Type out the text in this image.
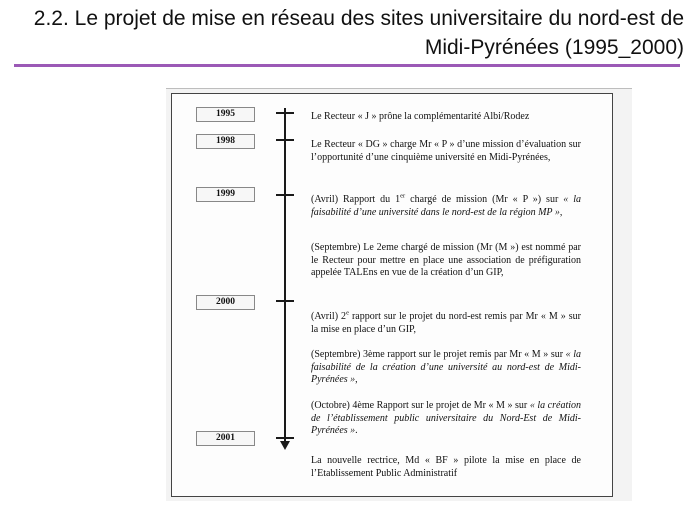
2.2. Le projet de mise en réseau des sites universitaire du nord-est de Midi-Pyrénées (1995_2000)
1995
1998
1999
2000
2001

Le Recteur « J » prône la complémentarité Albi/Rodez

Le Recteur « DG » charge Mr « P » d’une mission d’évaluation sur l’opportunité d’une cinquième université en Midi-Pyrénées,

(Avril) Rapport du 1er chargé de mission (Mr « P ») sur « la faisabilité d’une université dans le nord-est de la région MP »,

(Septembre) Le 2eme chargé de mission (Mr (M ») est nommé par le Recteur pour mettre en place une association de préfiguration appelée TALEns en vue de la création d’un GIP,

(Avril) 2e rapport sur le projet du nord-est remis par Mr « M » sur la mise en place d’un GIP,

(Septembre) 3ème rapport sur le projet remis par Mr « M » sur « la faisabilité de la création d’une université au nord-est de Midi-Pyrénées »,

(Octobre) 4ème Rapport sur le projet de Mr « M » sur « la création de l’établissement public universitaire du Nord-Est de Midi-Pyrénées ».

La nouvelle rectrice, Md « BF » pilote la mise en place de l’Etablissement Public Administratif
